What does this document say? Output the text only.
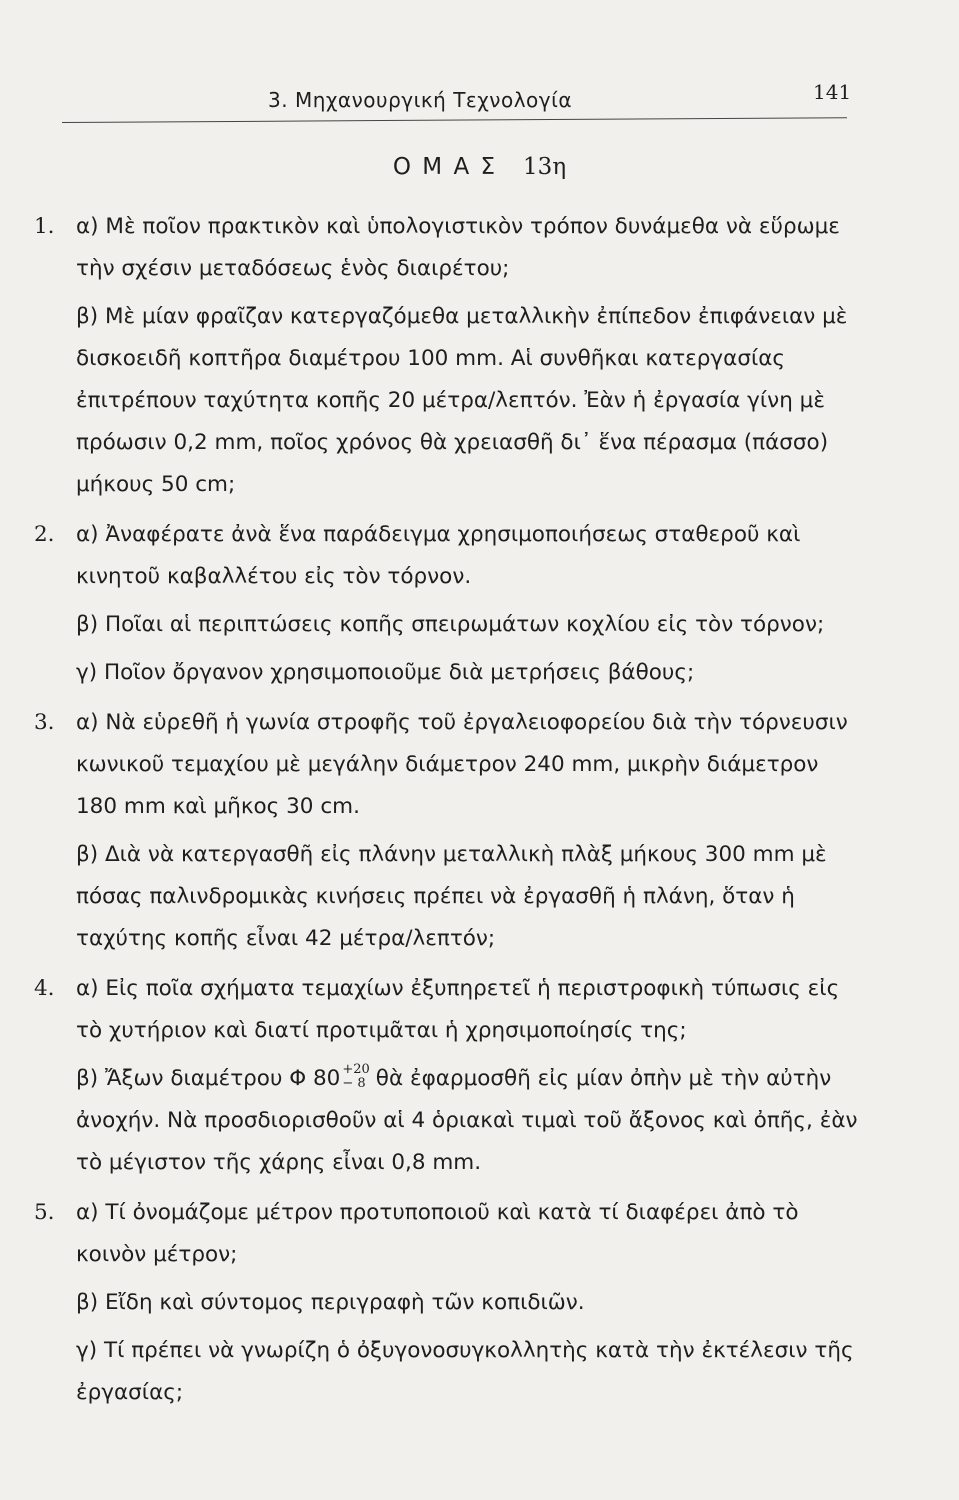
3. Μηχανουργική Τεχνολογία	141
Ο Μ Α Σ 13η
1. α) Μὲ ποῖον πρακτικὸν καὶ ὑπολογιστικὸν τρόπον δυνάμεθα νὰ εὕρωμε τὴν σχέσιν μεταδόσεως ἑνὸς διαιρέτου;
β) Μὲ μίαν φραῖζαν κατεργαζόμεθα μεταλλικὴν ἐπίπεδον ἐπιφάνειαν μὲ δισκοειδῆ κοπτῆρα διαμέτρου 100 mm. Αἱ συνθῆκαι κατεργασίας ἐπιτρέπουν ταχύτητα κοπῆς 20 μέτρα/λεπτόν. Ἐὰν ἡ ἐργασία γίνη μὲ πρόωσιν 0,2 mm, ποῖος χρόνος θὰ χρειασθῆ δι᾿ ἕνα πέρασμα (πάσσο) μήκους 50 cm;
2. α) Ἀναφέρατε ἀνὰ ἕνα παράδειγμα χρησιμοποιήσεως σταθεροῦ καὶ κινητοῦ καβαλλέτου εἰς τὸν τόρνον.
β) Ποῖαι αἱ περιπτώσεις κοπῆς σπειρωμάτων κοχλίου εἰς τὸν τόρνον;
γ) Ποῖον ὄργανον χρησιμοποιοῦμε διὰ μετρήσεις βάθους;
3. α) Νὰ εὑρεθῆ ἡ γωνία στροφῆς τοῦ ἐργαλειοφορείου διὰ τὴν τόρνευσιν κωνικοῦ τεμαχίου μὲ μεγάλην διάμετρον 240 mm, μικρὴν διάμετρον 180 mm καὶ μῆκος 30 cm.
β) Διὰ νὰ κατεργασθῆ εἰς πλάνην μεταλλικὴ πλὰξ μήκους 300 mm μὲ πόσας παλινδρομικὰς κινήσεις πρέπει νὰ ἐργασθῆ ἡ πλάνη, ὅταν ἡ ταχύτης κοπῆς εἶναι 42 μέτρα/λεπτόν;
4. α) Εἰς ποῖα σχήματα τεμαχίων ἐξυπηρετεῖ ἡ περιστροφικὴ τύπωσις εἰς τὸ χυτήριον καὶ διατί προτιμᾶται ἡ χρησιμοποίησίς της;
β) Ἄξων διαμέτρου Φ 80 +20
− 8 θὰ ἐφαρμοσθῆ εἰς μίαν ὀπὴν μὲ τὴν αὐτὴν ἀνοχήν. Νὰ προσδιορισθοῦν αἱ 4 ὁριακαὶ τιμαὶ τοῦ ἄξονος καὶ ὀπῆς, ἐὰν τὸ μέγιστον τῆς χάρης εἶναι 0,8 mm.
5. α) Τί ὀνομάζομε μέτρον προτυποποιοῦ καὶ κατὰ τί διαφέρει ἀπὸ τὸ κοινὸν μέτρον;
β) Εἴδη καὶ σύντομος περιγραφὴ τῶν κοπιδιῶν.
γ) Τί πρέπει νὰ γνωρίζη ὁ ὀξυγονοσυγκολλητὴς κατὰ τὴν ἐκτέλεσιν τῆς ἐργασίας;
